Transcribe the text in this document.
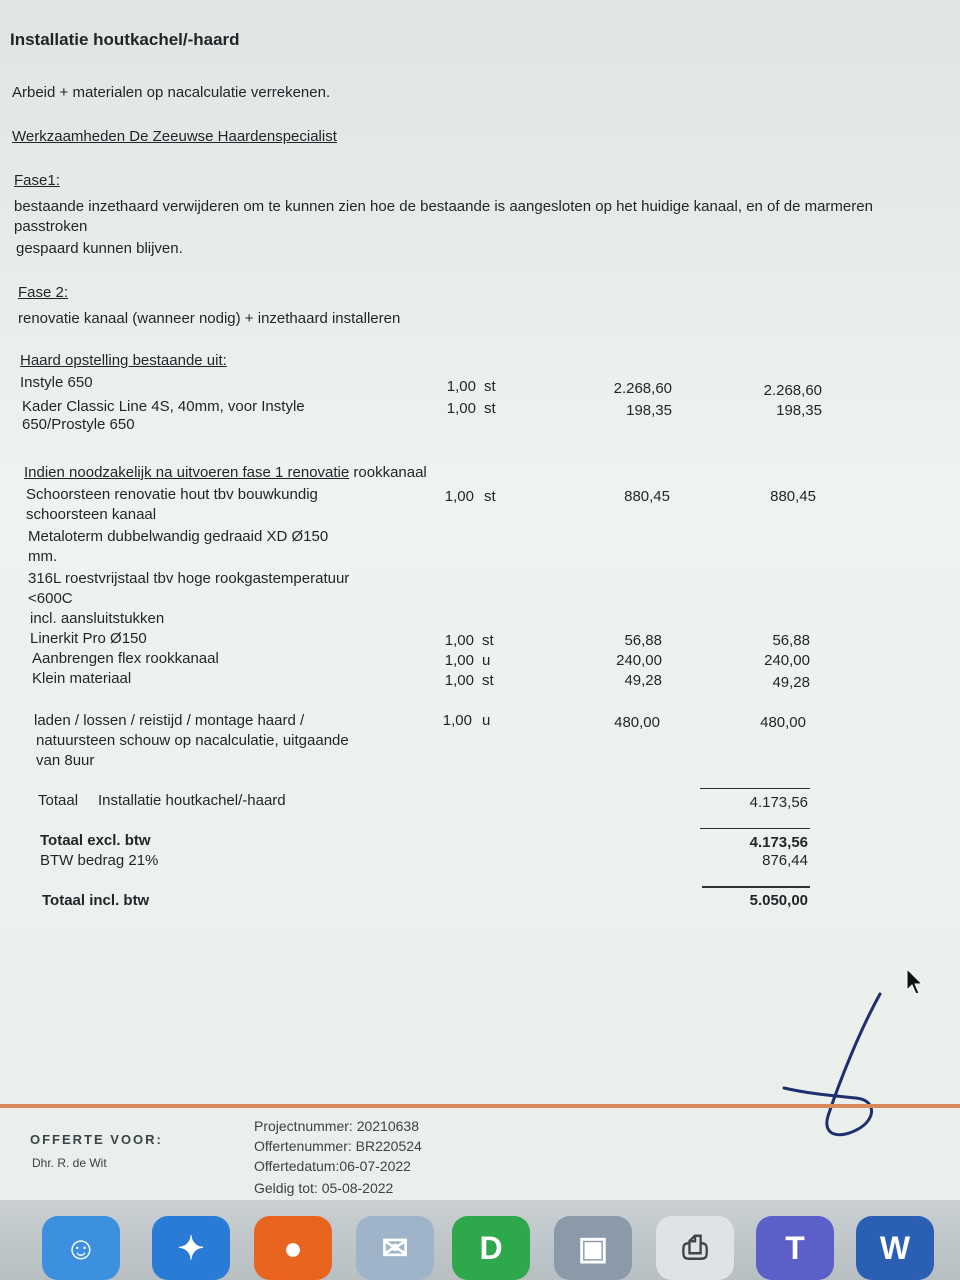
Installatie houtkachel/-haard
Arbeid + materialen op nacalculatie verrekenen.
Werkzaamheden De Zeeuwse Haardenspecialist
Fase1:
bestaande inzethaard verwijderen om te kunnen zien hoe de bestaande is aangesloten op het huidige kanaal, en of de marmeren
passtroken
gespaard kunnen blijven.
Fase 2:
renovatie kanaal (wanneer nodig) + inzethaard installeren
Haard opstelling bestaande uit:
Instyle 650	1,00 st	2.268,60	2.268,60
Kader Classic Line 4S, 40mm, voor Instyle	1,00 st	198,35	198,35
650/Prostyle 650
Indien noodzakelijk na uitvoeren fase 1 renovatie rookkanaal
Schoorsteen renovatie hout tbv bouwkundig
schoorsteen kanaal
1,00 st	880,45	880,45
Metaloterm dubbelwandig gedraaid XD Ø150
mm.
316L roestvrijstaal tbv hoge rookgastemperatuur
<600C
incl. aansluitstukken
Linerkit Pro Ø150	1,00 st	56,88	56,88
Aanbrengen flex rookkanaal	1,00 u	240,00	240,00
Klein materiaal	1,00 st	49,28	49,28
laden / lossen / reistijd / montage haard /
natuursteen schouw op nacalculatie, uitgaande
van 8uur
1,00 u	480,00	480,00
Totaal Installatie houtkachel/-haard	4.173,56
Totaal excl. btw	4.173,56
BTW bedrag 21%	876,44
Totaal incl. btw	5.050,00
OFFERTE VOOR:
Dhr. R. de Wit
Projectnummer: 20210638
Offertenummer: BR220524
Offertedatum:06-07-2022
Geldig tot: 05-08-2022
☺	✦	●	✉	D	▣	⎙	T	W
